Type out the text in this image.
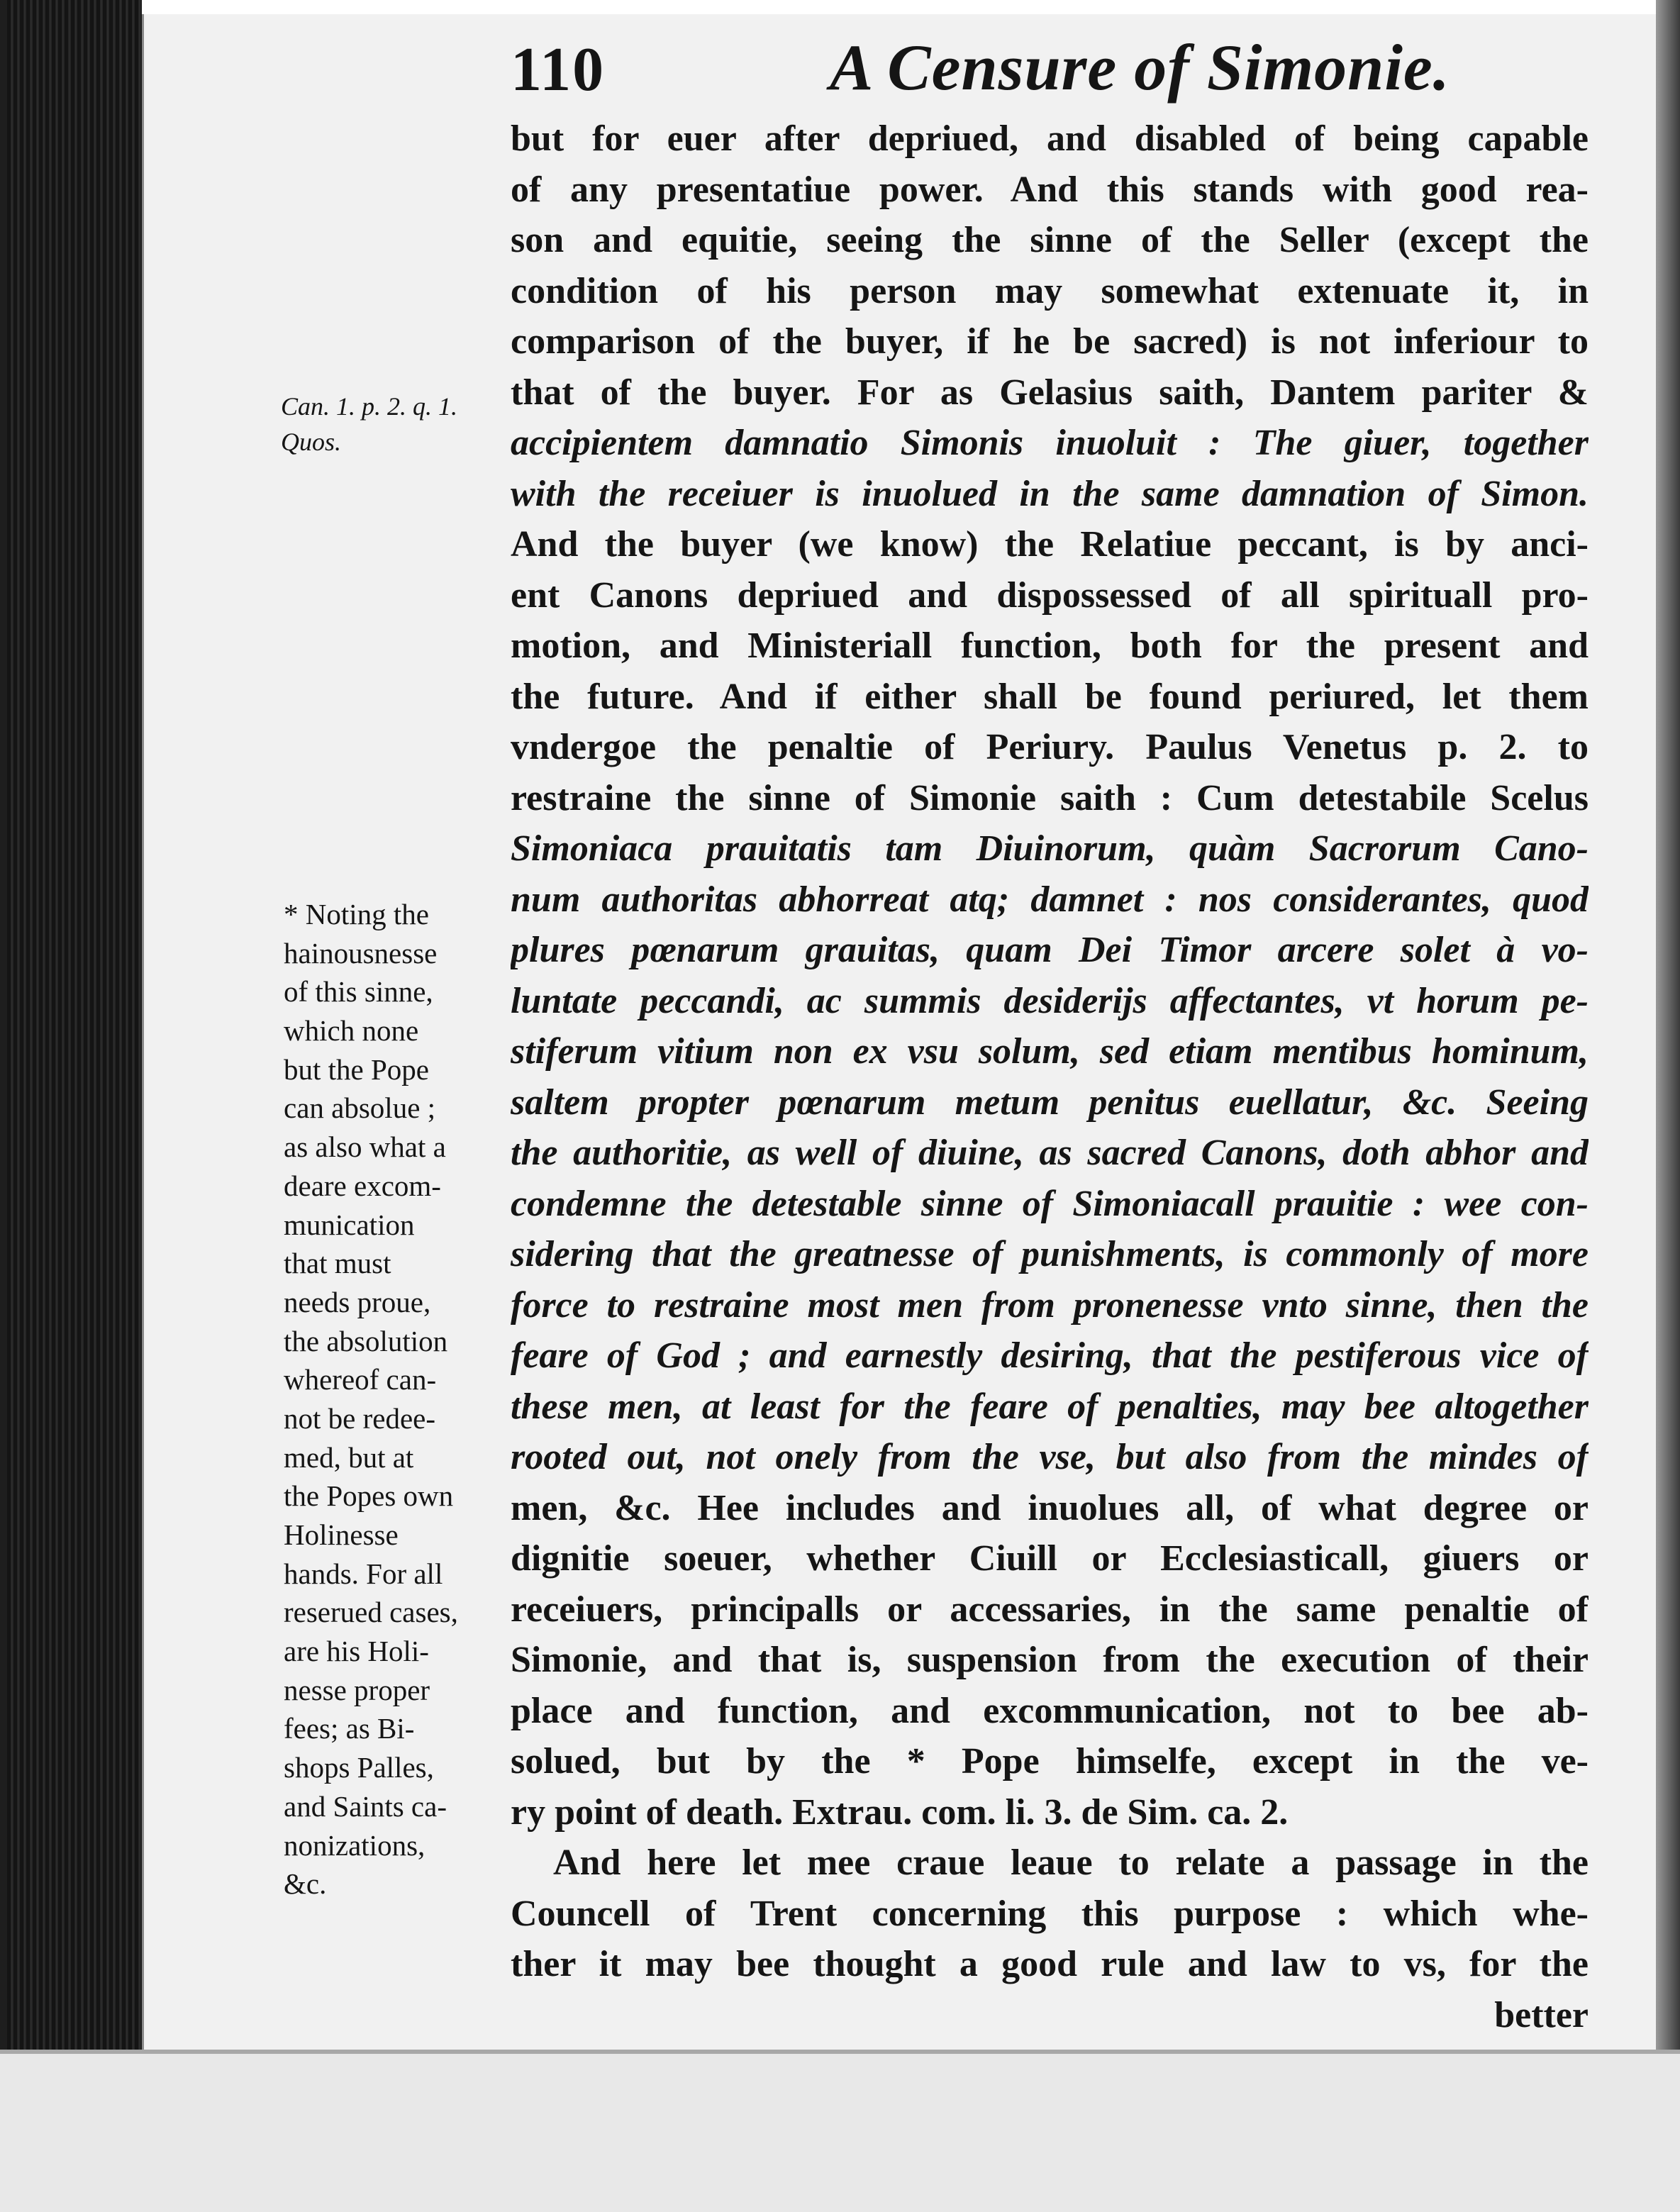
110	A Censure of Simonie.
Can. 1. p. 2. q. 1.
Quos.
* Noting the
hainousnesse
of this sinne,
which none
but the Pope
can absolue ;
as also what a
deare excom-
munication
that must
needs proue,
the absolution
whereof can-
not be redee-
med, but at
the Popes own
Holinesse
hands. For all
reserued cases,
are his Holi-
nesse proper
fees; as Bi-
shops Palles,
and Saints ca-
nonizations,
&c.
but for euer after depriued, and disabled of being capable
of any presentatiue power. And this stands with good rea-
son and equitie, seeing the sinne of the Seller (except the
condition of his person may somewhat extenuate it, in
comparison of the buyer, if he be sacred) is not inferiour to
that of the buyer. For as Gelasius saith, Dantem pariter &
accipientem damnatio Simonis inuoluit : The giuer, together
with the receiuer is inuolued in the same damnation of Simon.
And the buyer (we know) the Relatiue peccant, is by anci-
ent Canons depriued and dispossessed of all spirituall pro-
motion, and Ministeriall function, both for the present and
the future. And if either shall be found periured, let them
vndergoe the penaltie of Periury. Paulus Venetus p. 2. to
restraine the sinne of Simonie saith : Cum detestabile Scelus
Simoniaca prauitatis tam Diuinorum, quàm Sacrorum Cano-
num authoritas abhorreat atq; damnet : nos considerantes, quod
plures pœnarum grauitas, quam Dei Timor arcere solet à vo-
luntate peccandi, ac summis desiderijs affectantes, vt horum pe-
stiferum vitium non ex vsu solum, sed etiam mentibus hominum,
saltem propter pœnarum metum penitus euellatur, &c. Seeing
the authoritie, as well of diuine, as sacred Canons, doth abhor and
condemne the detestable sinne of Simoniacall prauitie : wee con-
sidering that the greatnesse of punishments, is commonly of more
force to restraine most men from pronenesse vnto sinne, then the
feare of God ; and earnestly desiring, that the pestiferous vice of
these men, at least for the feare of penalties, may bee altogether
rooted out, not onely from the vse, but also from the mindes of
men, &c. Hee includes and inuolues all, of what degree or
dignitie soeuer, whether Ciuill or Ecclesiasticall, giuers or
receiuers, principalls or accessaries, in the same penaltie of
Simonie, and that is, suspension from the execution of their
place and function, and excommunication, not to bee ab-
solued, but by the * Pope himselfe, except in the ve-
ry point of death. Extrau. com. li. 3. de Sim. ca. 2.
And here let mee craue leaue to relate a passage in the
Councell of Trent concerning this purpose : which whe-
ther it may bee thought a good rule and law to vs, for the
better
